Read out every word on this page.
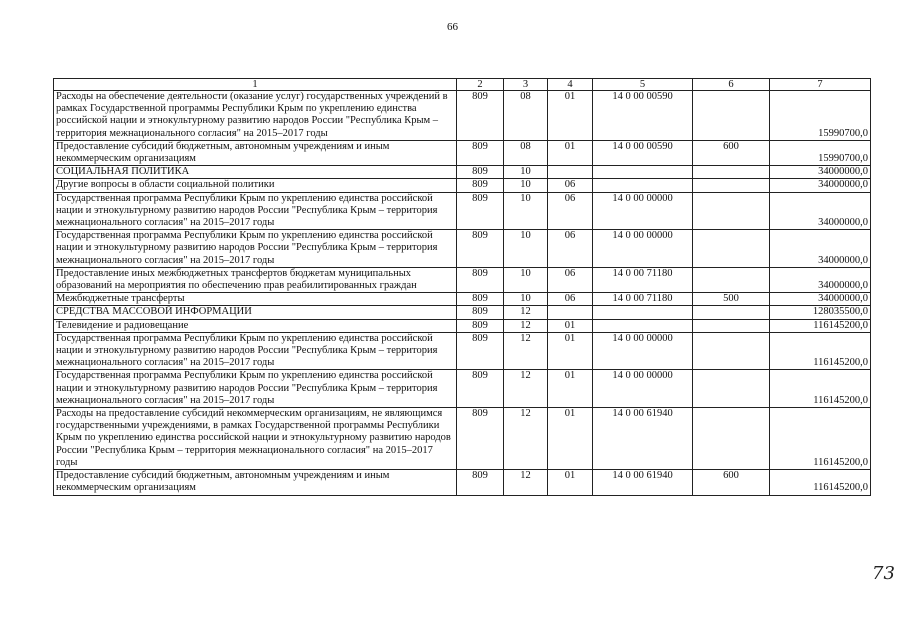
66
1	2	3	4	5	6	7
Расходы на обеспечение деятельности (оказание услуг) государственных учреждений в рамках Государственной программы Республики Крым по укреплению единства российской нации и этнокультурному развитию народов России "Республика Крым – территория межнационального согласия" на 2015–2017 годы	809	08	01	14 0 00 00590		15990700,0
Предоставление субсидий бюджетным, автономным учреждениям и иным некоммерческим организациям	809	08	01	14 0 00 00590	600	15990700,0
СОЦИАЛЬНАЯ ПОЛИТИКА	809	10				34000000,0
Другие вопросы в области социальной политики	809	10	06			34000000,0
Государственная программа Республики Крым по укреплению единства российской нации и этнокультурному развитию народов России "Республика Крым – территория межнационального согласия" на 2015–2017 годы	809	10	06	14 0 00 00000		34000000,0
Государственная программа Республики Крым по укреплению единства российской нации и этнокультурному развитию народов России "Республика Крым – территория межнационального согласия" на 2015–2017 годы	809	10	06	14 0 00 00000		34000000,0
Предоставление иных межбюджетных трансфертов бюджетам муниципальных образований на мероприятия по обеспечению прав реабилитированных граждан	809	10	06	14 0 00 71180		34000000,0
Межбюджетные трансферты	809	10	06	14 0 00 71180	500	34000000,0
СРЕДСТВА МАССОВОЙ ИНФОРМАЦИИ	809	12				128035500,0
Телевидение и радиовещание	809	12	01			116145200,0
Государственная программа Республики Крым по укреплению единства российской нации и этнокультурному развитию народов России "Республика Крым – территория межнационального согласия" на 2015–2017 годы	809	12	01	14 0 00 00000		116145200,0
Государственная программа Республики Крым по укреплению единства российской нации и этнокультурному развитию народов России "Республика Крым – территория межнационального согласия" на 2015–2017 годы	809	12	01	14 0 00 00000		116145200,0
Расходы на предоставление субсидий некоммерческим организациям, не являющимся государственными учреждениями, в рамках Государственной программы Республики Крым по укреплению единства российской нации и этнокультурному развитию народов России "Республика Крым – территория межнационального согласия" на 2015–2017 годы	809	12	01	14 0 00 61940		116145200,0
Предоставление субсидий бюджетным, автономным учреждениям и иным некоммерческим организациям	809	12	01	14 0 00 61940	600	116145200,0
73
